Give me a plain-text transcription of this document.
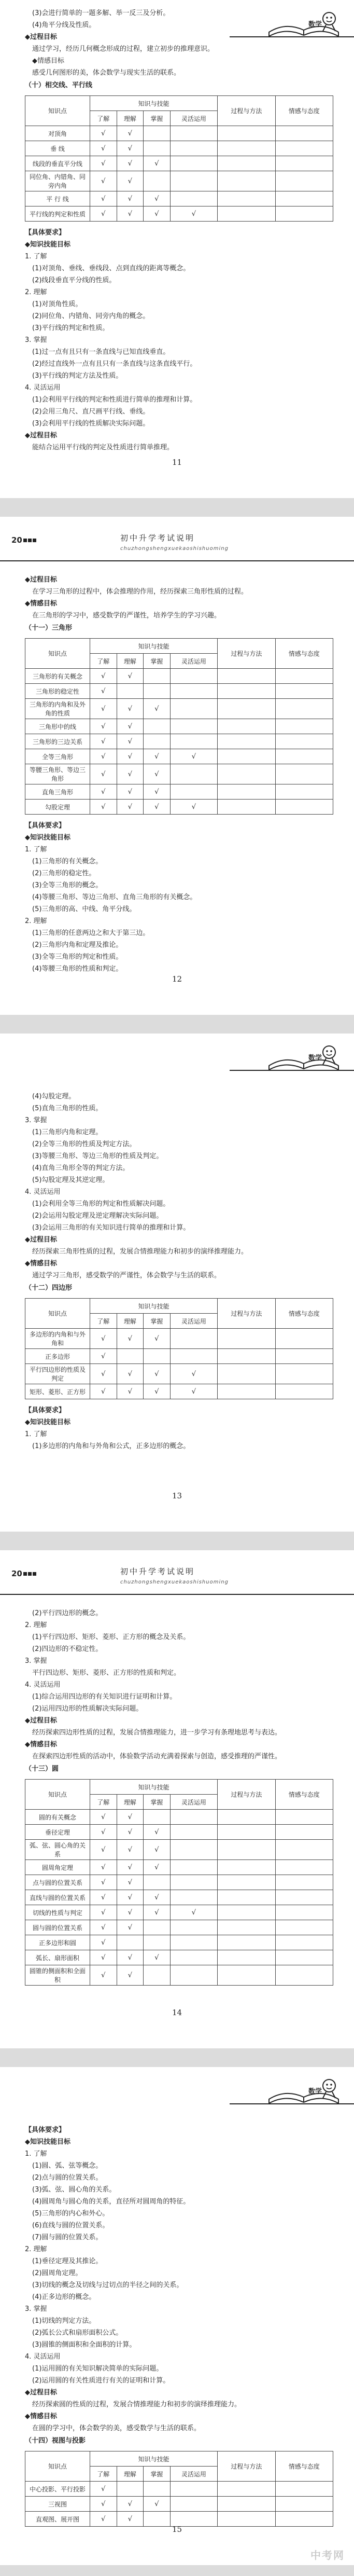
数学
(3)会进行简单的一题多解、举一反三及分析。
(4)角平分线及性质。
◆过程目标
通过学习，经历几何概念形成的过程，建立初步的推理意识。
◆情感目标
感受几何图形的美，体会数学与现实生活的联系。
（十）相交线、平行线
知识点	知识与技能				过程与方法	情感与态度
	了解	理解	掌握	灵活运用		
对顶角	√	√				
垂 线	√	√				
线段的垂直平分线	√	√	√			
同位角、内错角、同旁内角	√	√				
平 行 线	√	√	√			
平行线的判定和性质	√	√	√	√		
【具体要求】
◆知识技能目标
1. 了解
(1)对顶角、垂线、垂线段、点到直线的距离等概念。
(2)线段垂直平分线的性质。
2. 理解
(1)对顶角性质。
(2)同位角、内错角、同旁内角的概念。
(3)平行线的判定和性质。
3. 掌握
(1)过一点有且只有一条直线与已知直线垂直。
(2)经过直线外一点有且只有一条直线与这条直线平行。
(3)平行线的判定方法及性质。
4. 灵活运用
(1)会利用平行线的判定和性质进行简单的推理和计算。
(2)会用三角尺、直尺画平行线、垂线。
(3)会利用平行线的性质解决实际问题。
◆过程目标
能结合运用平行线的判定及性质进行简单推理。
11
20	初中升学考试说明
chuzhongshengxuekaoshishuoming
◆过程目标
在学习三角形的过程中，体会推理的作用，经历探索三角形性质的过程。
◆情感目标
在三角形的学习中，感受数学的严谨性，培养学生的学习兴趣。
（十一）三角形
知识点	知识与技能				过程与方法	情感与态度
	了解	理解	掌握	灵活运用		
三角形的有关概念	√	√				
三角形的稳定性	√					
三角形的内角和及外角的性质	√	√	√			
三角形中的线	√	√				
三角形的三边关系	√	√				
全等三角形	√	√	√	√		
等腰三角形、等边三角形	√	√	√			
直角三角形	√	√	√			
勾股定理	√	√	√	√		
【具体要求】
◆知识技能目标
1. 了解
(1)三角形的有关概念。
(2)三角形的稳定性。
(3)全等三角形的概念。
(4)等腰三角形、等边三角形、直角三角形的有关概念。
(5)三角形的高、中线、角平分线。
2. 理解
(1)三角形的任意两边之和大于第三边。
(2)三角形内角和定理及推论。
(3)全等三角形的判定和性质。
(4)等腰三角形的性质和判定。
12
数学
(4)勾股定理。
(5)直角三角形的性质。
3. 掌握
(1)三角形内角和定理。
(2)全等三角形的性质及判定方法。
(3)等腰三角形、等边三角形的性质及判定。
(4)直角三角形全等的判定方法。
(5)勾股定理及其逆定理。
4. 灵活运用
(1)会利用全等三角形的判定和性质解决问题。
(2)会运用勾股定理及逆定理解决实际问题。
(3)会运用三角形的有关知识进行简单的推理和计算。
◆过程目标
经历探索三角形性质的过程，发展合情推理能力和初步的演绎推理能力。
◆情感目标
通过学习三角形，感受数学的严谨性，体会数学与生活的联系。
（十二）四边形
知识点	知识与技能				过程与方法	情感与态度
	了解	理解	掌握	灵活运用		
多边形的内角和与外角和	√	√	√			
正多边形	√					
平行四边形的性质及判定	√	√	√	√		
矩形、菱形、正方形	√	√	√	√		
【具体要求】
◆知识技能目标
1. 了解
(1)多边形的内角和与外角和公式，正多边形的概念。
13
20	初中升学考试说明
chuzhongshengxuekaoshishuoming
(2)平行四边形的概念。
2. 理解
(1)平行四边形、矩形、菱形、正方形的概念及关系。
(2)四边形的不稳定性。
3. 掌握
平行四边形、矩形、菱形、正方形的性质和判定。
4. 灵活运用
(1)综合运用四边形的有关知识进行证明和计算。
(2)运用四边形的性质解决实际问题。
◆过程目标
经历探索四边形性质的过程，发展合情推理能力，进一步学习有条理地思考与表达。
◆情感目标
在探索四边形性质的活动中，体验数学活动充满着探索与创造，感受推理的严谨性。
（十三）圆
知识点	知识与技能				过程与方法	情感与态度
	了解	理解	掌握	灵活运用		
圆的有关概念	√	√				
垂径定理	√	√	√			
弧、弦、圆心角的关系	√	√	√			
圆周角定理	√	√	√			
点与圆的位置关系	√	√				
直线与圆的位置关系	√	√	√			
切线的性质与判定	√	√	√	√		
圆与圆的位置关系	√	√				
正多边形和圆	√					
弧长、扇形面积	√	√	√			
圆锥的侧面积和全面积	√	√				
14
数学
【具体要求】
◆知识技能目标
1. 了解
(1)圆、弧、弦等概念。
(2)点与圆的位置关系。
(3)弧、弦、圆心角的关系。
(4)圆周角与圆心角的关系，直径所对圆周角的特征。
(5)三角形的内心和外心。
(6)直线与圆的位置关系。
(7)圆与圆的位置关系。
2. 理解
(1)垂径定理及其推论。
(2)圆周角定理。
(3)切线的概念及切线与过切点的半径之间的关系。
(4)正多边形的概念。
3. 掌握
(1)切线的判定方法。
(2)弧长公式和扇形面积公式。
(3)圆锥的侧面积和全面积的计算。
4. 灵活运用
(1)运用圆的有关知识解决简单的实际问题。
(2)运用圆的有关性质进行有关的证明和计算。
◆过程目标
经历探索圆的性质的过程，发展合情推理能力和初步的演绎推理能力。
◆情感目标
在圆的学习中，体会数学的美，感受数学与生活的联系。
（十四）视图与投影
知识点	知识与技能				过程与方法	情感与态度
	了解	理解	掌握	灵活运用		
中心投影、平行投影	√					
三视图	√	√	√			
直观图、展开图	√	√				
15
中考网
